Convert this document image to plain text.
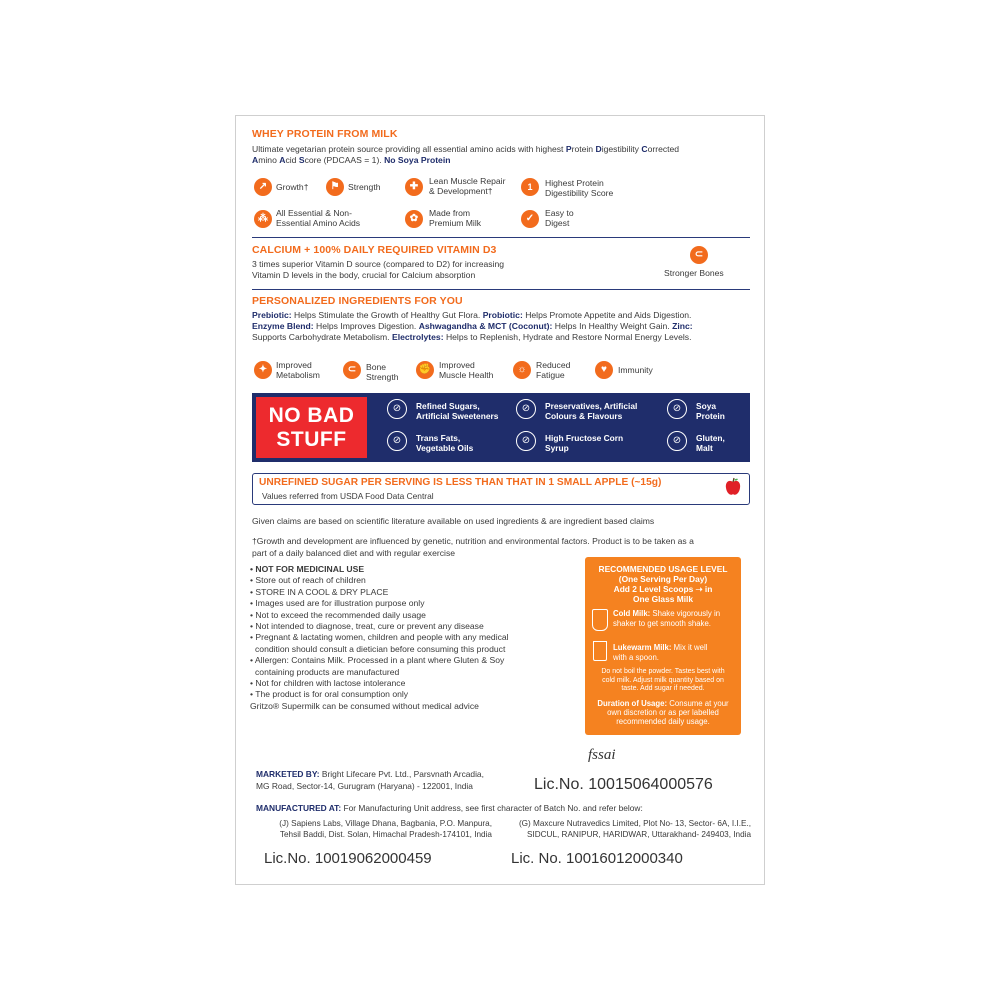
WHEY PROTEIN FROM MILK
Ultimate vegetarian protein source providing all essential amino acids with highest Protein Digestibility Corrected
Amino Acid Score (PDCAAS = 1). No Soya Protein
↗	Growth†	⚑ Strength	✚	Lean Muscle Repair
& Development†	1	Highest Protein
Digestibility Score
⁂ All Essential & Non-
Essential Amino Acids	✿	Made from
Premium Milk	✓	Easy to
Digest
CALCIUM + 100% DAILY REQUIRED VITAMIN D3
3 times superior Vitamin D source (compared to D2) for increasing
Vitamin D levels in the body, crucial for Calcium absorption
⊂
Stronger Bones
PERSONALIZED INGREDIENTS FOR YOU
Prebiotic: Helps Stimulate the Growth of Healthy Gut Flora. Probiotic: Helps Promote Appetite and Aids Digestion.
Enzyme Blend: Helps Improves Digestion. Ashwagandha & MCT (Coconut): Helps In Healthy Weight Gain. Zinc:
Supports Carbohydrate Metabolism. Electrolytes: Helps to Replenish, Hydrate and Restore Normal Energy Levels.
✦	Improved
Metabolism	⊂	Bone
Strength
✊ Improved
Muscle Health	☼	Reduced
Fatigue	♥	Immunity
NO BAD
STUFF
⊘	Refined Sugars,
Artificial Sweeteners
⊘	Preservatives, Artificial
Colours & Flavours
⊘	Soya
Protein
⊘	Trans Fats,
Vegetable Oils
⊘	High Fructose Corn
Syrup
⊘	Gluten,
Malt
UNREFINED SUGAR PER SERVING IS LESS THAN THAT IN 1 SMALL APPLE (~15g)
Values referred from USDA Food Data Central
Given claims are based on scientific literature available on used ingredients & are ingredient based claims
†Growth and development are influenced by genetic, nutrition and environmental factors. Product is to be taken as a
part of a daily balanced diet and with regular exercise
• NOT FOR MEDICINAL USE
• Store out of reach of children
• STORE IN A COOL & DRY PLACE
• Images used are for illustration purpose only
• Not to exceed the recommended daily usage
• Not intended to diagnose, treat, cure or prevent any disease
• Pregnant & lactating women, children and people with any medical
condition should consult a dietician before consuming this product
• Allergen: Contains Milk. Processed in a plant where Gluten & Soy
containing products are manufactured
• Not for children with lactose intolerance
• The product is for oral consumption only
Gritzo® Supermilk can be consumed without medical advice
RECOMMENDED USAGE LEVEL
(One Serving Per Day)
Add 2 Level Scoops ➝ in
One Glass Milk
Cold Milk: Shake vigorously in
shaker to get smooth shake.
Lukewarm Milk: Mix it well
with a spoon.
Do not boil the powder. Tastes best with
cold milk. Adjust milk quantity based on
taste. Add sugar if needed.
Duration of Usage: Consume at your
own discretion or as per labelled
recommended daily usage.
fssai
MARKETED BY: Bright Lifecare Pvt. Ltd., Parsvnath Arcadia,
MG Road, Sector-14, Gurugram (Haryana) - 122001, India	Lic.No. 10015064000576
MANUFACTURED AT: For Manufacturing Unit address, see first character of Batch No. and refer below:
(J) Sapiens Labs, Village Dhana, Bagbania, P.O. Manpura,
Tehsil Baddi, Dist. Solan, Himachal Pradesh-174101, India
(G) Maxcure Nutravedics Limited, Plot No- 13, Sector- 6A, I.I.E.,
SIDCUL, RANIPUR, HARIDWAR, Uttarakhand- 249403, India
Lic.No. 10019062000459	Lic. No. 10016012000340
